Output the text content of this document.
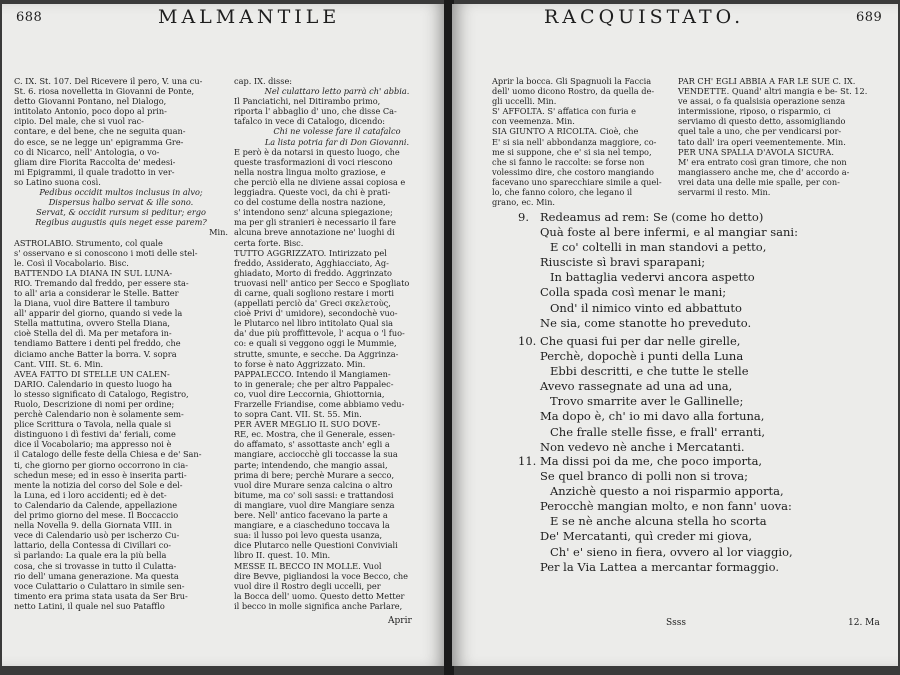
688	MALMANTILE
C. IX. St. 107. Del Ricevere il pero, V. una cu-
St. 6. riosa novelletta in Giovanni de Ponte,
detto Giovanni Pontano, nel Dialogo,
intitolato Antonio, poco dopo al prin-
cipio. Del male, che si vuol rac-
contare, e del bene, che ne seguita quan-
do esce, se ne legge un' epigramma Gre-
co di Nicarco, nell' Antologia, o vo-
gliam dire Fiorita Raccolta de' medesi-
mi Epigrammi, il quale tradotto in ver-
so Latino suona così.
Pedibus occidit multos inclusus in alvo;
Dispersus halbo servat & ille sono.
Servat, & occidit rursum si peditur; ergo
Regibus augustis quis neget esse parem?
Min.
ASTROLABIO. Strumento, col quale
s' osservano e si conoscono i moti delle stel-
le. Così il Vocabolario. Bisc.
BATTENDO LA DIANA IN SUL LUNA-
RIO. Tremando dal freddo, per essere sta-
to all' aria a considerar le Stelle. Batter
la Diana, vuol dire Battere il tamburo
all' apparir del giorno, quando si vede la
Stella mattutina, ovvero Stella Diana,
cioè Stella del dì. Ma per metafora in-
tendiamo Battere i denti pel freddo, che
diciamo anche Batter la borra. V. sopra
Cant. VIII. St. 6. Min.
AVEA FATTO DI STELLE UN CALEN-
DARIO. Calendario in questo luogo ha
lo stesso significato di Catalogo, Registro,
Ruolo, Descrizione di nomi per ordine;
perchè Calendario non è solamente sem-
plice Scrittura o Tavola, nella quale si
distinguono i dì festivi da' feriali, come
dice il Vocabolario; ma appresso noi è
il Catalogo delle feste della Chiesa e de' San-
ti, che giorno per giorno occorrono in cia-
schedun mese; ed in esso è inserita parti-
mente la notizia del corso del Sole e del-
la Luna, ed i loro accidenti; ed è det-
to Calendario da Calende, appellazione
del primo giorno del mese. Il Boccaccio
nella Novella 9. della Giornata VIII. in
vece di Calendario usò per ischerzo Cu-
lattario, della Contessa di Civillari co-
sì parlando: La quale era la più bella
cosa, che si trovasse in tutto il Culatta-
rio dell' umana generazione. Ma questa
voce Culattario o Culattaro in simile sen-
timento era prima stata usata da Ser Bru-
netto Latini, il quale nel suo Patafflo
cap. IX. disse:
Nel culattaro letto parrà ch' abbia.
Il Panciatichi, nel Ditirambo primo,
riporta l' abbaglio d' uno, che disse Ca-
tafalco in vece di Catalogo, dicendo:
Chi ne volesse fare il catafalco
La lista potria far di Don Giovanni.
E però è da notarsi in questo luogo, che
queste trasformazioni di voci riescono
nella nostra lingua molto graziose, e
che perciò ella ne diviene assai copiosa e
leggiadra. Queste voci, da chi è prati-
co del costume della nostra nazione,
s' intendono senz' alcuna spiegazione;
ma per gli stranieri è necessario il fare
alcuna breve annotazione ne' luoghi di
certa forte. Bisc.
TUTTO AGGRIZZATO. Intirizzato pel
freddo, Assiderato, Agghiacciato, Ag-
ghiadato, Morto di freddo. Aggrinzato
truovasi nell' antico per Secco e Spogliato
di carne, quali sogliono restare i morti
(appellati perciò da' Greci σκελετοὺς,
cioè Privi d' umidore), secondochè vuo-
le Plutarco nel libro intitolato Qual sia
da' due più proffittevole, l' acqua o 'l fuo-
co: e quali si veggono oggi le Mummie,
strutte, smunte, e secche. Da Aggrinza-
to forse è nato Aggrizzato. Min.
PAPPALECCO. Intendo il Mangiamen-
to in generale; che per altro Pappalec-
co, vuol dire Leccornia, Ghiottornia,
Frarzelle Friandise, come abbiamo vedu-
to sopra Cant. VII. St. 55. Min.
PER AVER MEGLIO IL SUO DOVE-
RE, ec. Mostra, che il Generale, essen-
do affamato, s' assottaste anch' egli a
mangiare, acciocchè gli toccasse la sua
parte; intendendo, che mangio assai,
prima di bere; perchè Murare a secco,
vuol dire Murare senza calcina o altro
bitume, ma co' soli sassi: e trattandosi
di mangiare, vuol dire Mangiare senza
bere. Nell' antico facevano la parte a
mangiare, e a ciascheduno toccava la
sua: il lusso poi levo questa usanza,
dice Plutarco nelle Questioni Conviviali
libro II. quest. 10. Min.
MESSE IL BECCO IN MOLLE. Vuol
dire Bevve, pigliandosi la voce Becco, che
vuol dire il Rostro degli uccelli, per
la Bocca dell' uomo. Questo detto Metter
il becco in molle significa anche Parlare,
Aprir
RACQUISTATO.	689
Aprir la bocca. Gli Spagnuoli la Faccia
dell' uomo dicono Rostro, da quella de-
gli uccelli. Min.
S' AFFOLTA. S' affatica con furia e
con veemenza. Min.
SIA GIUNTO A RICOLTA. Cioè, che
E' si sia nell' abbondanza maggiore, co-
me si suppone, che e' si sia nel tempo,
che si fanno le raccolte: se forse non
volessimo dire, che costoro mangiando
facevano uno sparecchiare simile a quel-
lo, che fanno coloro, che legano il
grano, ec. Min.
PAR CH' EGLI ABBIA A FAR LE SUE C. IX.
VENDETTE. Quand' altri mangia e be- St. 12.
ve assai, o fa qualsisia operazione senza
intermissione, riposo, o risparmio, ci
serviamo di questo detto, assomigliando
quel tale a uno, che per vendicarsi por-
tato dall' ira operi veementemente. Min.
PER UNA SPALLA D'AVOLA SICURA.
M' era entrato così gran timore, che non
mangiassero anche me, che d' accordo a-
vrei data una delle mie spalle, per con-
servarmi il resto. Min.
9. Redeamus ad rem: Se (come ho detto)
Quà foste al bere infermi, e al mangiar sani:
E co' coltelli in man standovi a petto,
Riusciste sì bravi sparapani;
In battaglia vedervi ancora aspetto
Colla spada così menar le mani;
Ond' il nimico vinto ed abbattuto
Ne sia, come stanotte ho preveduto.
10. Che quasi fui per dar nelle girelle,
Perchè, dopochè i punti della Luna
Ebbi descritti, e che tutte le stelle
Avevo rassegnate ad una ad una,
Trovo smarrite aver le Gallinelle;
Ma dopo è, ch' io mi davo alla fortuna,
Che fralle stelle fisse, e frall' erranti,
Non vedevo nè anche i Mercatanti.
11. Ma dissi poi da me, che poco importa,
Se quel branco di polli non si trova;
Anzichè questo a noi risparmio apporta,
Perocchè mangian molto, e non fann' uova:
E se nè anche alcuna stella ho scorta
De' Mercatanti, quì creder mi giova,
Ch' e' sieno in fiera, ovvero al lor viaggio,
Per la Via Lattea a mercantar formaggio.
Ssss	12. Ma
